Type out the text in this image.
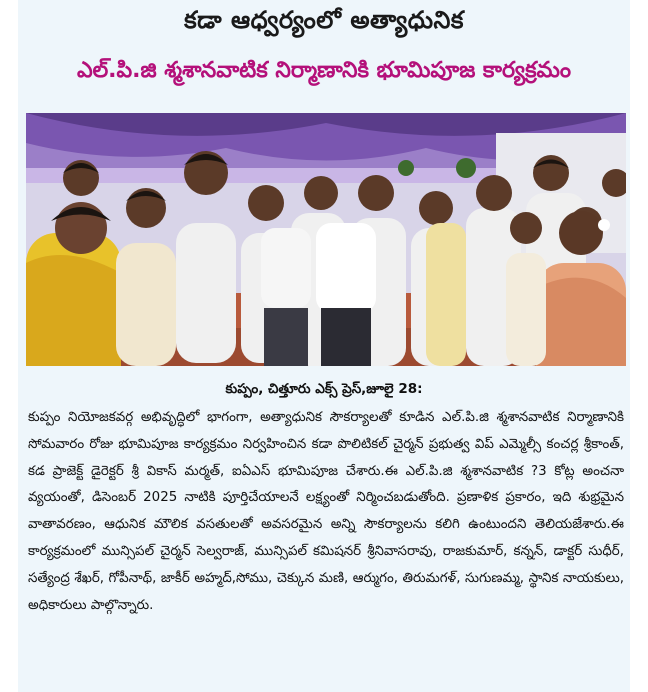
కడా ఆధ్వర్యంలో అత్యాధునిక
ఎల్.పి.జి శ్మశానవాటిక నిర్మాణానికి భూమిపూజ కార్యక్రమం
కుప్పం, చిత్తూరు ఎక్స్ ప్రెస్,జూలై 28:

కుప్పం నియోజకవర్గ అభివృద్ధిలో భాగంగా, అత్యాధునిక సౌకర్యాలతో కూడిన ఎల్.పి.జి శ్మశానవాటిక నిర్మాణానికి సోమవారం రోజు భూమిపూజ కార్యక్రమం నిర్వహించిన కడా పొలిటికల్ చైర్మన్ ప్రభుత్వ విప్ ఎమ్మెల్సీ కంచర్ల శ్రీకాంత్, కడ ప్రాజెక్ట్ డైరెక్టర్ శ్రీ వికాస్ మర్మత్, ఐఏఎస్ భూమిపూజ చేశారు.ఈ ఎల్.పి.జి శ్మశానవాటిక ?3 కోట్ల అంచనా వ్యయంతో, డిసెంబర్ 2025 నాటికి పూర్తిచేయాలనే లక్ష్యంతో నిర్మించబడుతోంది. ప్రణాళిక ప్రకారం, ఇది శుభ్రమైన వాతావరణం, ఆధునిక మౌలిక వసతులతో అవసరమైన అన్ని సౌకర్యాలను కలిగి ఉంటుందని తెలియజేశారు.ఈ కార్యక్రమంలో మున్సిపల్ చైర్మన్ సెల్వరాజ్, మున్సిపల్ కమిషనర్ శ్రీనివాసరావు, రాజకుమార్, కన్నన్, డాక్టర్ సుధీర్, సత్యేంద్ర శేఖర్, గోపీనాథ్, జాకీర్ అహ్మద్,సోము, చెక్కున మణి, ఆర్ముగం, తిరుమగళ్, సుగుణమ్మ, స్థానిక నాయకులు, అధికారులు పాల్గొన్నారు.
